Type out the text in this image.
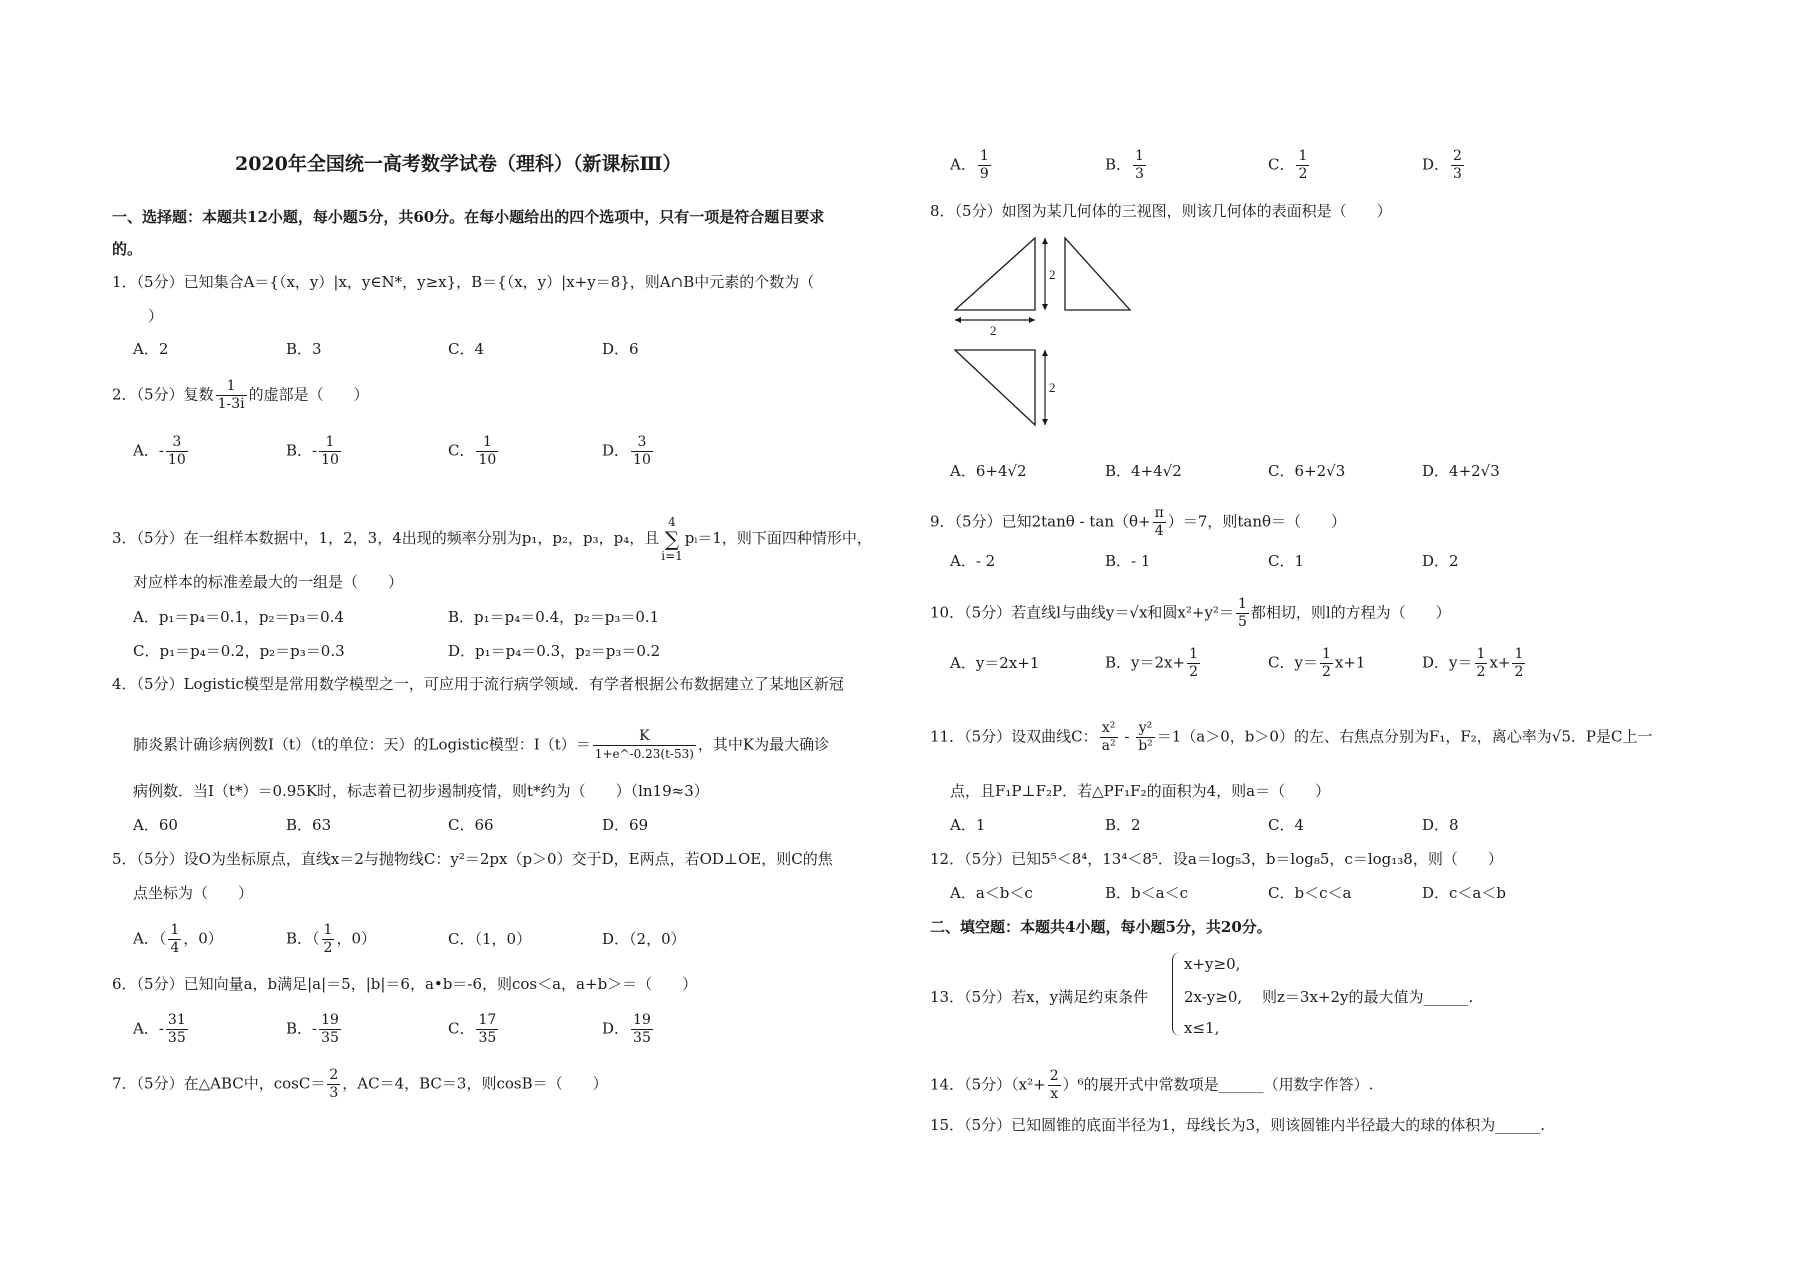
2020年全国统一高考数学试卷（理科）（新课标Ⅲ）
一、选择题：本题共12小题，每小题5分，共60分。在每小题给出的四个选项中，只有一项是符合题目要求
的。
1．（5分）已知集合A＝{（x，y）|x，y∈N*，y≥x}，B＝{（x，y）|x+y＝8}，则A∩B中元素的个数为（
）
A．2	B．3	C．4	D．6
2．（5分）复数 $\frac{1}{1-3i}$ 的虚部是（　　）
A．- $\frac{3}{10}$	B．- $\frac{1}{10}$	C． $\frac{1}{10}$	D． $\frac{3}{10}$
3．（5分）在一组样本数据中，1，2，3，4出现的频率分别为p₁，p₂，p₃，p₄，且
4
∑
i=1
pᵢ＝1，则下面四种情形中，
对应样本的标准差最大的一组是（　　）
A．p₁＝p₄＝0.1，p₂＝p₃＝0.4	B．p₁＝p₄＝0.4，p₂＝p₃＝0.1
C．p₁＝p₄＝0.2，p₂＝p₃＝0.3	D．p₁＝p₄＝0.3，p₂＝p₃＝0.2
4．（5分）Logistic模型是常用数学模型之一，可应用于流行病学领域．有学者根据公布数据建立了某地区新冠
肺炎累计确诊病例数I（t）（t的单位：天）的Logistic模型：$I(t)= \frac{K}{1+e\^{}-0.23(t-53)}$ ，其中K为最大确诊
病例数．当I（t*）＝0.95K时，标志着已初步遏制疫情，则t*约为（　　）（ln19≈3）
A．60	B．63	C．66	D．69
5．（5分）设O为坐标原点，直线x＝2与抛物线C：y²＝2px（p＞0）交于D，E两点，若OD⊥OE，则C的焦
点坐标为（　　）
A．（ $\frac{1}{4}$ ，0）	B．（ $\frac{1}{2}$ ，0）	C．（1，0）	D．（2，0）
6．（5分）已知向量a，b满足|a|＝5，|b|＝6，a•b＝-6，则cos＜a，a+b＞＝（　　）
A．- $\frac{31}{35}$	B．- $\frac{19}{35}$	C． $\frac{17}{35}$	D． $\frac{19}{35}$
7．（5分）在△ABC中，$\cos C= \frac{2}{3}$ ，AC＝4，BC＝3，则cosB＝（　　）
A． $\frac{1}{9}$	B． $\frac{1}{3}$	C． $\frac{1}{2}$	D． $\frac{2}{3}$
8．（5分）如图为某几何体的三视图，则该几何体的表面积是（　　）
2
2
2
A．6+4√2	B．4+4√2	C．6+2√3	D．4+2√3
9．（5分）已知$2\tan\theta - \tan(\theta+ \frac{\pi}{4} )=7$，则tanθ＝（　　）
A．- 2	B．- 1	C．1	D．2
10．（5分）若直线l与曲线y＝√x和圆$x^2+y^2= \frac{1}{5}$ 都相切，则l的方程为（　　）
A．y＝2x+1	B．$y=2x+ \frac{1}{2}$	C．$y= \frac{1}{2} x+1$	D．$y= \frac{1}{2} x+ \frac{1}{2}$
11．（5分）设双曲线C： $\frac{\text{x²}}{\text{a²}} - \frac{\text{y²}}{\text{b²}} =1(a>0$，b＞0）的左、右焦点分别为F₁，F₂，离心率为√5．P是C上一
点，且F₁P⊥F₂P．若△PF₁F₂的面积为4，则a＝（　　）
A．1	B．2	C．4	D．8
12．（5分）已知5⁵＜8⁴，13⁴＜8⁵．设a＝log₅3，b＝log₈5，c＝log₁₃8，则（　　）
A．a＜b＜c	B．b＜a＜c	C．b＜c＜a	D．c＜a＜b
二、填空题：本题共4小题，每小题5分，共20分。
13．（5分）若x，y满足约束条件
x+y≥0,
2x-y≥0,
x≤1,
则z＝3x+2y的最大值为______.
14．（5分）$(x^2+ \frac{2}{x} )^6$的展开式中常数项是______（用数字作答）.
15．（5分）已知圆锥的底面半径为1，母线长为3，则该圆锥内半径最大的球的体积为______.
